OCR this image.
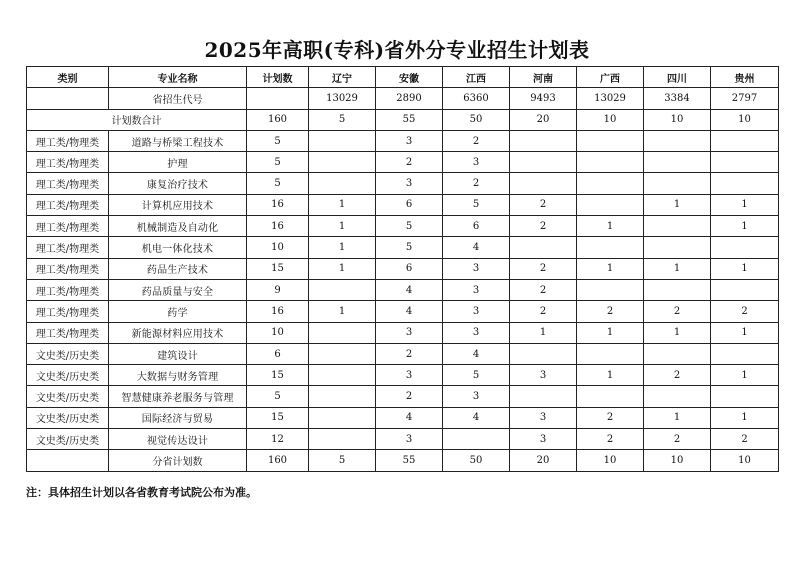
2025年高职(专科)省外分专业招生计划表
类别	专业名称	计划数	辽宁	安徽	江西	河南	广西	四川	贵州
	省招生代号		13029	2890	6360	9493	13029	3384	2797
计划数合计		160	5	55	50	20	10	10	10
理工类/物理类	道路与桥梁工程技术	5		3	2				
理工类/物理类	护理	5		2	3				
理工类/物理类	康复治疗技术	5		3	2				
理工类/物理类	计算机应用技术	16	1	6	5	2		1	1
理工类/物理类	机械制造及自动化	16	1	5	6	2	1		1
理工类/物理类	机电一体化技术	10	1	5	4				
理工类/物理类	药品生产技术	15	1	6	3	2	1	1	1
理工类/物理类	药品质量与安全	9		4	3	2			
理工类/物理类	药学	16	1	4	3	2	2	2	2
理工类/物理类	新能源材料应用技术	10		3	3	1	1	1	1
文史类/历史类	建筑设计	6		2	4				
文史类/历史类	大数据与财务管理	15		3	5	3	1	2	1
文史类/历史类	智慧健康养老服务与管理	5		2	3				
文史类/历史类	国际经济与贸易	15		4	4	3	2	1	1
文史类/历史类	视觉传达设计	12		3		3	2	2	2
	分省计划数	160	5	55	50	20	10	10	10
注：具体招生计划以各省教育考试院公布为准。
